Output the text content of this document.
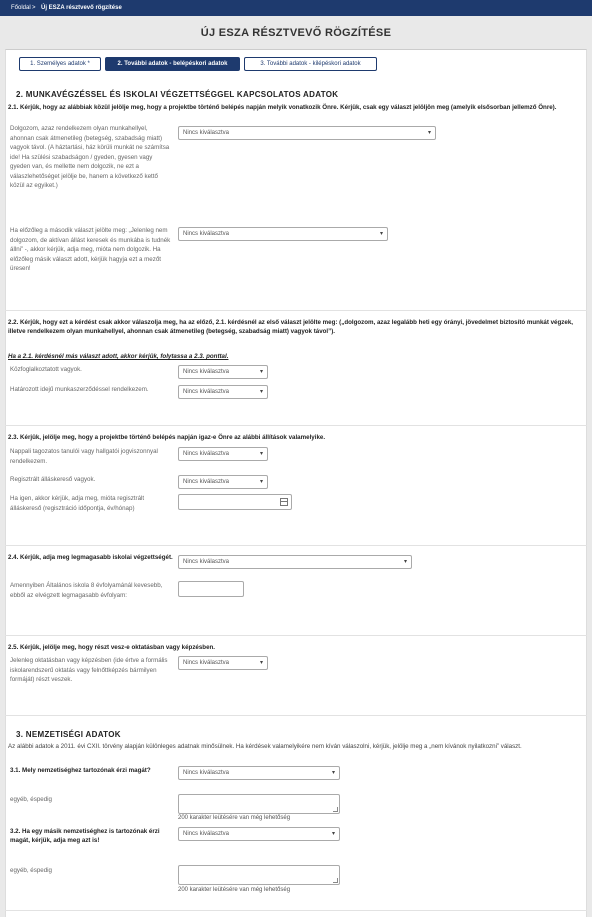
Főoldal > Új ESZA résztvevő rögzítése
ÚJ ESZA RÉSZTVEVŐ RÖGZÍTÉSE
1. Személyes adatok *	2. További adatok - belépéskori adatok	3. További adatok - kilépéskori adatok
2. MUNKAVÉGZÉSSEL ÉS ISKOLAI VÉGZETTSÉGGEL KAPCSOLATOS ADATOK
2.1. Kérjük, hogy az alábbiak közül jelölje meg, hogy a projektbe történő belépés napján melyik vonatkozik Önre. Kérjük, csak egy választ jelöljön meg (amelyik elsősorban jellemző Önre).
Dolgozom, azaz rendelkezem olyan munkahellyel, ahonnan csak átmenetileg (betegség, szabadság miatt) vagyok távol. (A háztartási, ház körüli munkát ne számítsa ide! Ha szülési szabadságon / gyeden, gyesen vagy gyeden van, és mellette nem dolgozik, ne ezt a válaszlehetőséget jelölje be, hanem a következő kettő közül az egyiket.)
Nincs kiválasztva	▾
Ha előzőleg a második választ jelölte meg: „Jelenleg nem dolgozom, de aktívan állást keresek és munkába is tudnék állni” -, akkor kérjük, adja meg, mióta nem dolgozik. Ha előzőleg másik választ adott, kérjük hagyja ezt a mezőt üresen!
Nincs kiválasztva	▾
2.2. Kérjük, hogy ezt a kérdést csak akkor válaszolja meg, ha az előző, 2.1. kérdésnél az első választ jelölte meg: („dolgozom, azaz legalább heti egy órányi, jövedelmet biztosító munkát végzek, illetve rendelkezem olyan munkahellyel, ahonnan csak átmenetileg (betegség, szabadság miatt) vagyok távol”).
Ha a 2.1. kérdésnél más választ adott, akkor kérjük, folytassa a 2.3. ponttal.
Közfoglalkoztatott vagyok.	Nincs kiválasztva	▾
Határozott idejű munkaszerződéssel rendelkezem.	Nincs kiválasztva	▾
2.3. Kérjük, jelölje meg, hogy a projektbe történő belépés napján igaz-e Önre az alábbi állítások valamelyike.
Nappali tagozatos tanulói vagy hallgatói jogviszonnyal rendelkezem.
Nincs kiválasztva	▾
Regisztrált álláskereső vagyok.	Nincs kiválasztva	▾
Ha igen, akkor kérjük, adja meg, mióta regisztrált álláskereső (regisztráció időpontja, év/hónap)
2.4. Kérjük, adja meg legmagasabb iskolai végzettségét.
Nincs kiválasztva	▾
Amennyiben Általános iskola 8 évfolyamánál kevesebb, ebből az elvégzett legmagasabb évfolyam:
2.5. Kérjük, jelölje meg, hogy részt vesz-e oktatásban vagy képzésben.
Jelenleg oktatásban vagy képzésben (ide értve a formális iskolarendszerű oktatás vagy felnőttképzés bármilyen formáját) részt veszek.
Nincs kiválasztva	▾
3. NEMZETISÉGI ADATOK
Az alábbi adatok a 2011. évi CXII. törvény alapján különleges adatnak minősülnek. Ha kérdések valamelyikére nem kíván válaszolni, kérjük, jelölje meg a „nem kívánok nyilatkozni” választ.
3.1. Mely nemzetiséghez tartozónak érzi magát?	Nincs kiválasztva	▾
egyéb, éspedig
200 karakter leütésére van még lehetőség
3.2. Ha egy másik nemzetiséghez is tartozónak érzi magát, kérjük, adja meg azt is!
Nincs kiválasztva	▾
egyéb, éspedig
200 karakter leütésére van még lehetőség
